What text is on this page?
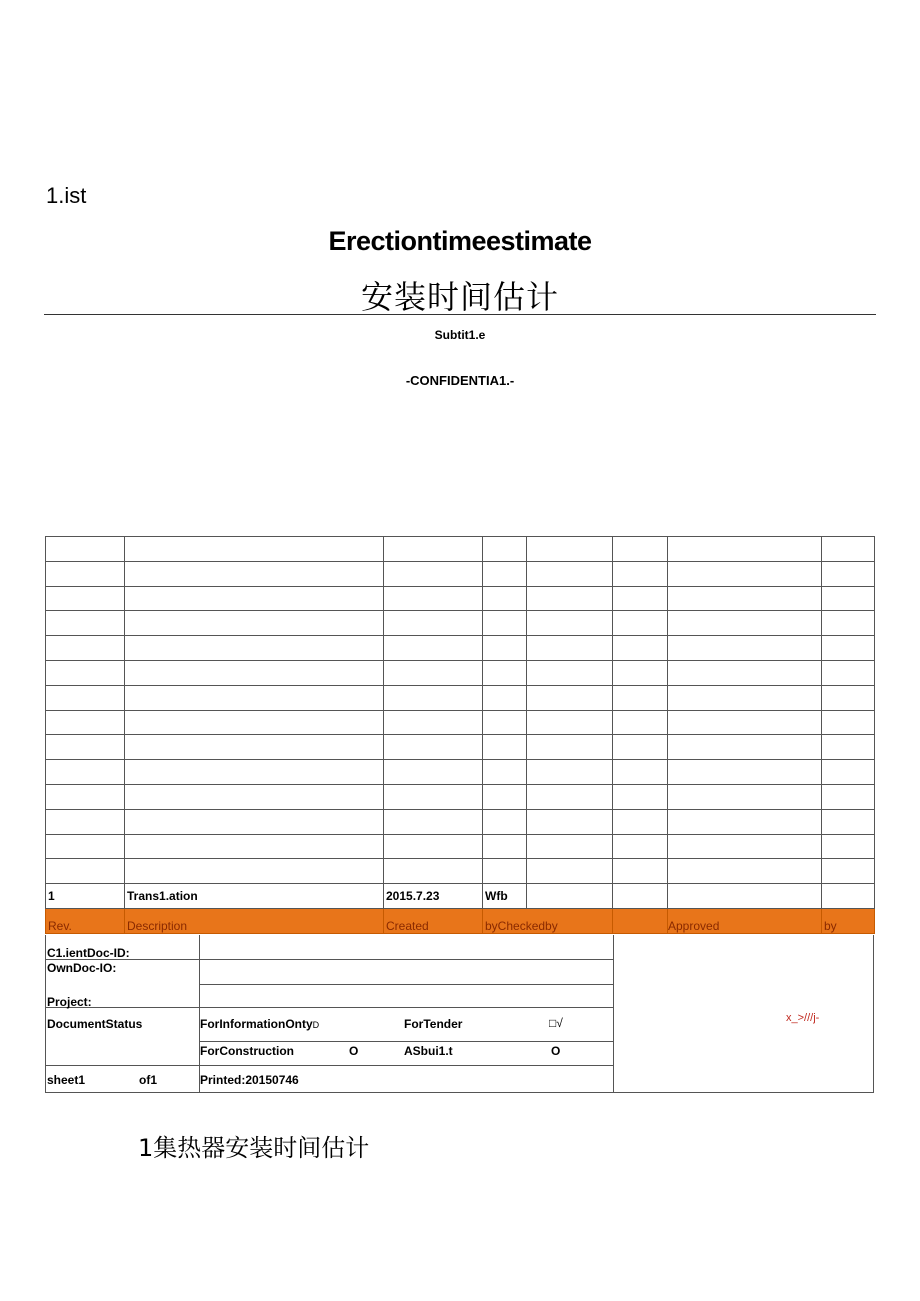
1.ist
Erectiontimeestimate
安装时间估计
Subtit1.e
-CONFIDENTIA1.-

1	Trans1.ation	2015.7.23	Wfb				
Rev.	Description	Created	byCheckedby			Approved	by
C1.ientDoc-ID:
OwnDoc-IO:
Project:
DocumentStatus	ForInformationOntyD	ForTender	□√
ForConstruction	O	ASbui1.t	O
sheet1	of1	Printed:20150746
x_>///j-
1集热器安装时间估计
